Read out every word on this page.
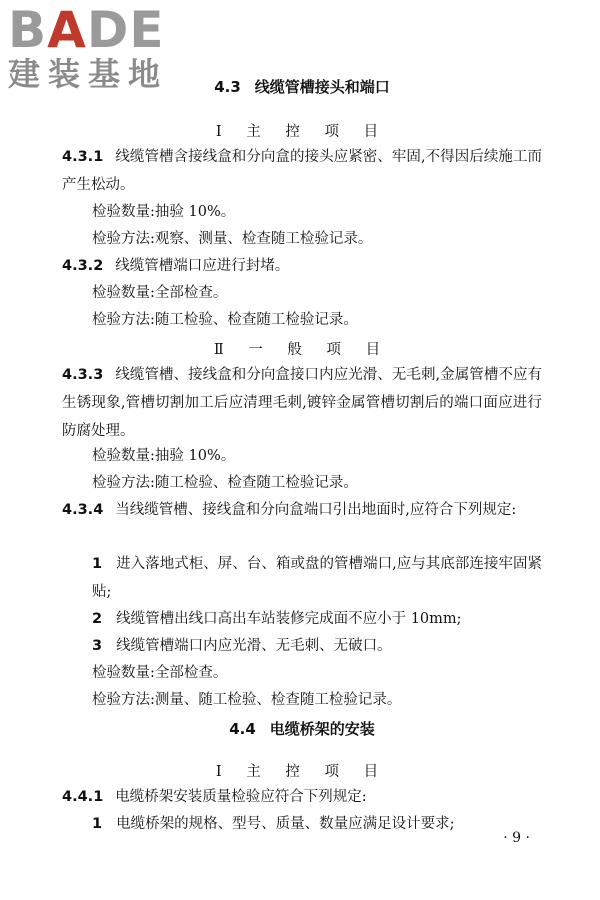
BADE
建装基地	4.3 线缆管槽接头和端口
Ⅰ 主 控 项 目
4.3.1 线缆管槽含接线盒和分向盒的接头应紧密、牢固,不得因后续施工而产生松动。
检验数量:抽验 10%。
检验方法:观察、测量、检查随工检验记录。
4.3.2 线缆管槽端口应进行封堵。
检验数量:全部检查。
检验方法:随工检验、检查随工检验记录。
Ⅱ 一 般 项 目
4.3.3 线缆管槽、接线盒和分向盒接口内应光滑、无毛刺,金属管槽不应有生锈现象,管槽切割加工后应清理毛刺,镀锌金属管槽切割后的端口面应进行防腐处理。
检验数量:抽验 10%。
检验方法:随工检验、检查随工检验记录。
4.3.4 当线缆管槽、接线盒和分向盒端口引出地面时,应符合下列规定:
1 进入落地式柜、屏、台、箱或盘的管槽端口,应与其底部连接牢固紧贴;
2 线缆管槽出线口高出车站装修完成面不应小于 10mm;
3 线缆管槽端口内应光滑、无毛刺、无破口。
检验数量:全部检查。
检验方法:测量、随工检验、检查随工检验记录。
4.4 电缆桥架的安装
Ⅰ 主 控 项 目
4.4.1 电缆桥架安装质量检验应符合下列规定:
1 电缆桥架的规格、型号、质量、数量应满足设计要求;
· 9 ·
